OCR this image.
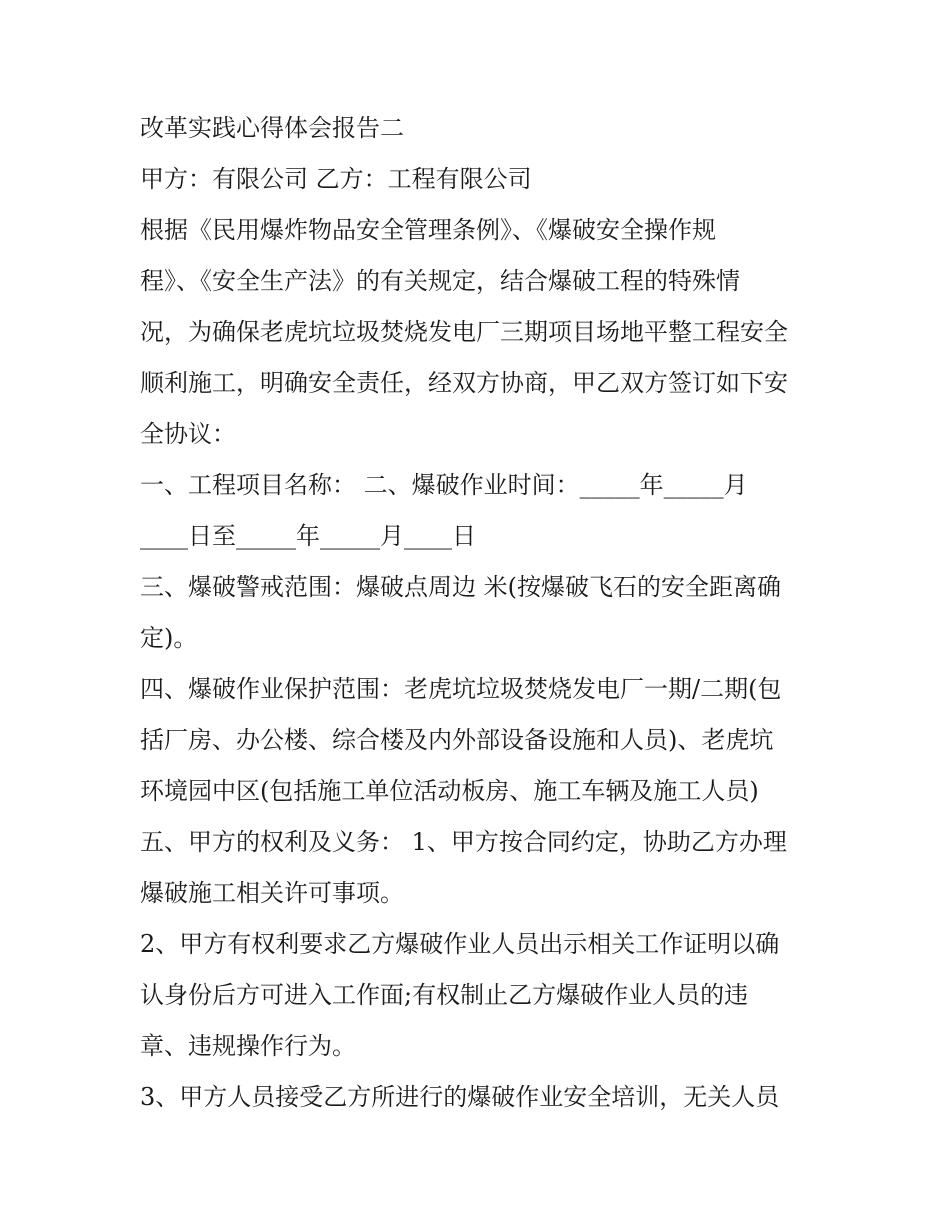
改革实践心得体会报告二

甲方：有限公司 乙方：工程有限公司

根据《民用爆炸物品安全管理条例》、《爆破安全操作规

程》、《安全生产法》的有关规定，结合爆破工程的特殊情

况，为确保老虎坑垃圾焚烧发电厂三期项目场地平整工程安全

顺利施工，明确安全责任，经双方协商，甲乙双方签订如下安

全协议：

一、工程项目名称： 二、爆破作业时间：_____年_____月

____日至_____年_____月____日

三、爆破警戒范围：爆破点周边 米(按爆破飞石的安全距离确

定)。

四、爆破作业保护范围：老虎坑垃圾焚烧发电厂一期/二期(包

括厂房、办公楼、综合楼及内外部设备设施和人员)、老虎坑

环境园中区(包括施工单位活动板房、施工车辆及施工人员)

五、甲方的权利及义务： 1、甲方按合同约定，协助乙方办理

爆破施工相关许可事项。

2、甲方有权利要求乙方爆破作业人员出示相关工作证明以确

认身份后方可进入工作面;有权制止乙方爆破作业人员的违

章、违规操作行为。

3、甲方人员接受乙方所进行的爆破作业安全培训，无关人员
